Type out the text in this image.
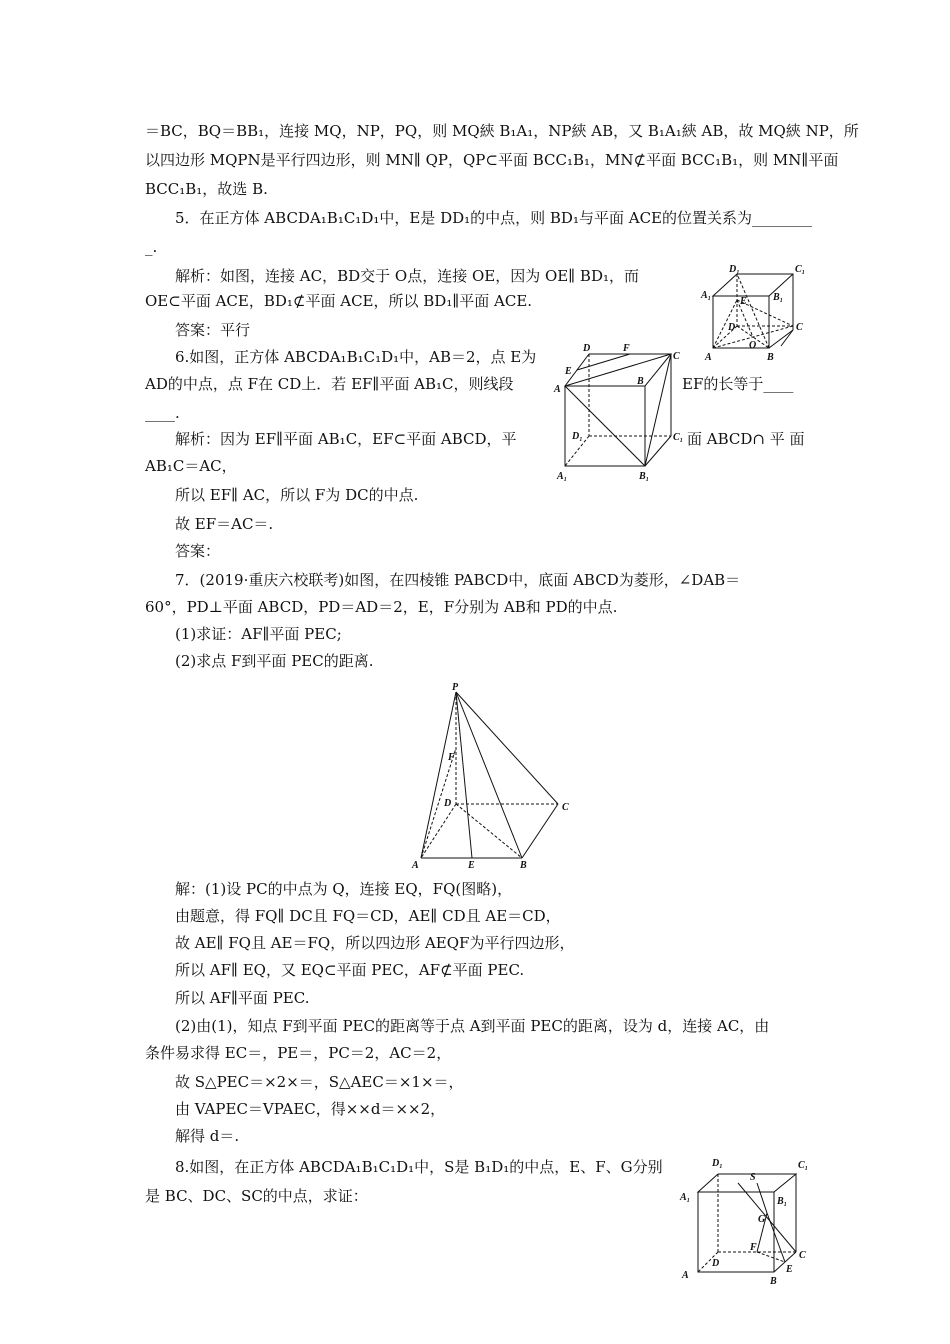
＝BC，BQ＝BB₁，连接 MQ，NP，PQ，则 MQ綊 B₁A₁，NP綊 AB，又 B₁A₁綊 AB，故 MQ綊 NP，所
以四边形 MQPN是平行四边形，则 MN∥ QP，QP⊂平面 BCC₁B₁，MN⊄平面 BCC₁B₁，则 MN∥平面
BCC₁B₁，故选 B.
5．在正方体 ABCDA₁B₁C₁D₁中，E是 DD₁的中点，则 BD₁与平面 ACE的位置关系为________
_.
解析：如图，连接 AC，BD交于 O点，连接 OE，因为 OE∥ BD₁，而
OE⊂平面 ACE，BD₁⊄平面 ACE，所以 BD₁∥平面 ACE.
答案：平行
6.如图，正方体 ABCDA₁B₁C₁D₁中，AB＝2，点 E为
AD的中点，点 F在 CD上．若 EF∥平面 AB₁C，则线段	EF的长等于____
____.
解析：因为 EF∥平面 AB₁C，EF⊂平面 ABCD，平	面 ABCD∩ 平 面
AB₁C＝AC，
所以 EF∥ AC，所以 F为 DC的中点.
故 EF＝AC＝.
答案：
7．(2019·重庆六校联考)如图，在四棱锥 PABCD中，底面 ABCD为菱形，∠DAB＝
60°，PD⊥平面 ABCD，PD＝AD＝2，E，F分别为 AB和 PD的中点.
(1)求证：AF∥平面 PEC;
(2)求点 F到平面 PEC的距离.
解：(1)设 PC的中点为 Q，连接 EQ，FQ(图略)，
由题意，得 FQ∥ DC且 FQ＝CD，AE∥ CD且 AE＝CD，
故 AE∥ FQ且 AE＝FQ，所以四边形 AEQF为平行四边形，
所以 AF∥ EQ，又 EQ⊂平面 PEC，AF⊄平面 PEC.
所以 AF∥平面 PEC.
(2)由(1)，知点 F到平面 PEC的距离等于点 A到平面 PEC的距离，设为 d，连接 AC，由
条件易求得 EC＝，PE＝，PC＝2，AC＝2，
故 S△PEC＝×2×＝，S△AEC＝×1×＝，
由 VAPEC＝VPAEC，得××d＝××2，
解得 d＝.
8.如图，在正方体 ABCDA₁B₁C₁D₁中，S是 B₁D₁的中点，E、F、G分别
是 BC、DC、SC的中点，求证：
D₁	C₁
A₁	B₁
E
D	C
O
A	B
D	F
C
E
A
B
D₁	C₁
A₁	B₁
P
F
D	C
A	E	B
D₁
S
C₁
A₁	B₁
G
F
D
C
A
E
B
